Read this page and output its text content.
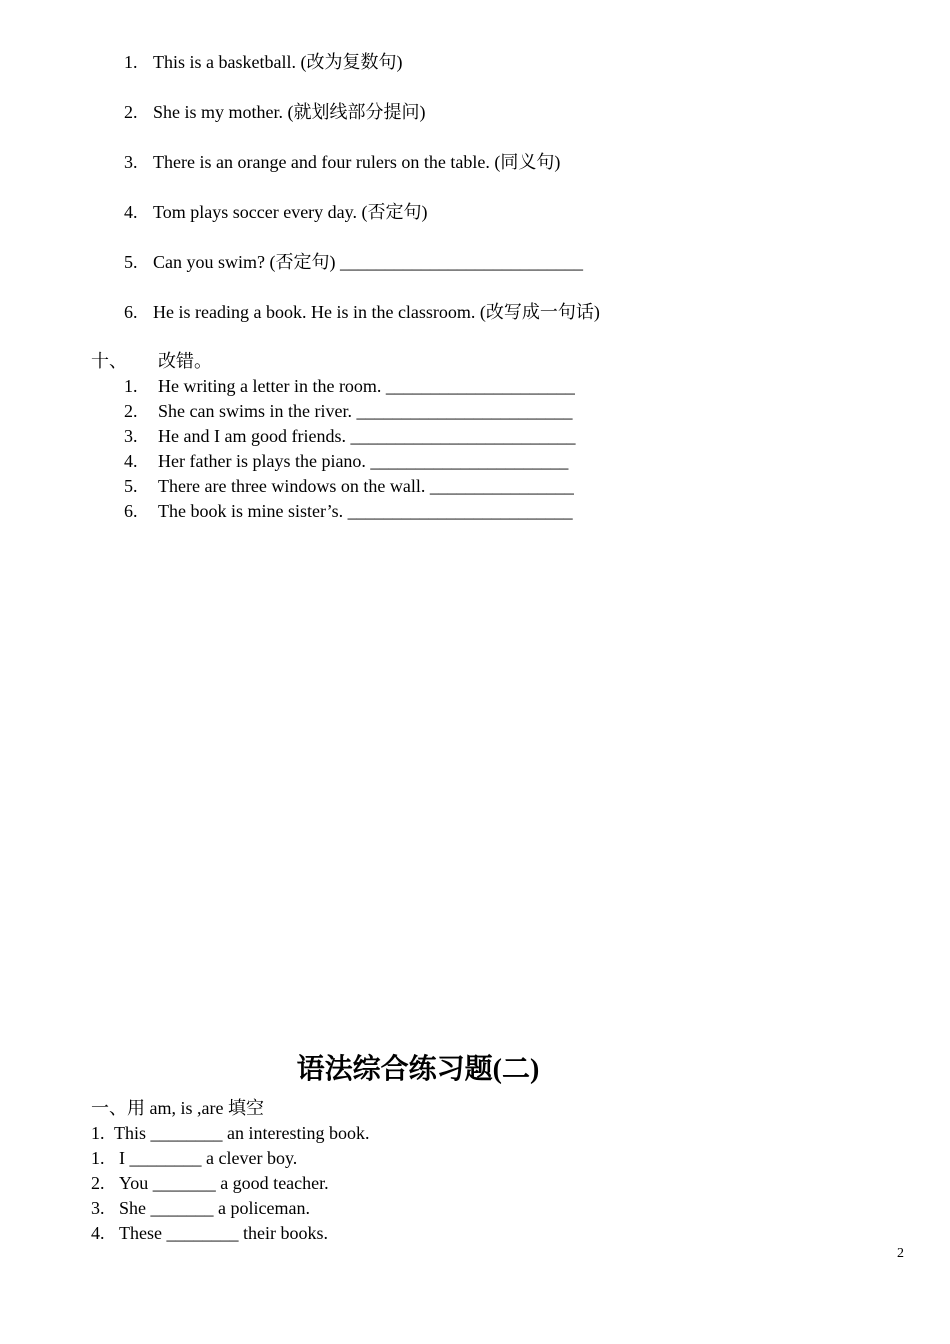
1. This is a basketball. (改为复数句)
2. She is my mother. (就划线部分提问)
3. There is an orange and four rulers on the table. (同义句)
4. Tom plays soccer every day. (否定句)
5. Can you swim? (否定句) ___________________________
6. He is reading a book. He is in the classroom. (改写成一句话)
十、 改错。
1. He writing a letter in the room. _____________________
2. She can swims in the river. ________________________
3. He and I am good friends. _________________________
4. Her father is plays the piano. ______________________
5. There are three windows on the wall. ________________
6. The book is mine sister’s. _________________________
语法综合练习题(二)
一、用 am, is ,are 填空
1. This ________ an interesting book.
1. I ________ a clever boy.
2. You _______ a good teacher.
3. She _______ a policeman.
4. These ________ their books.
2
